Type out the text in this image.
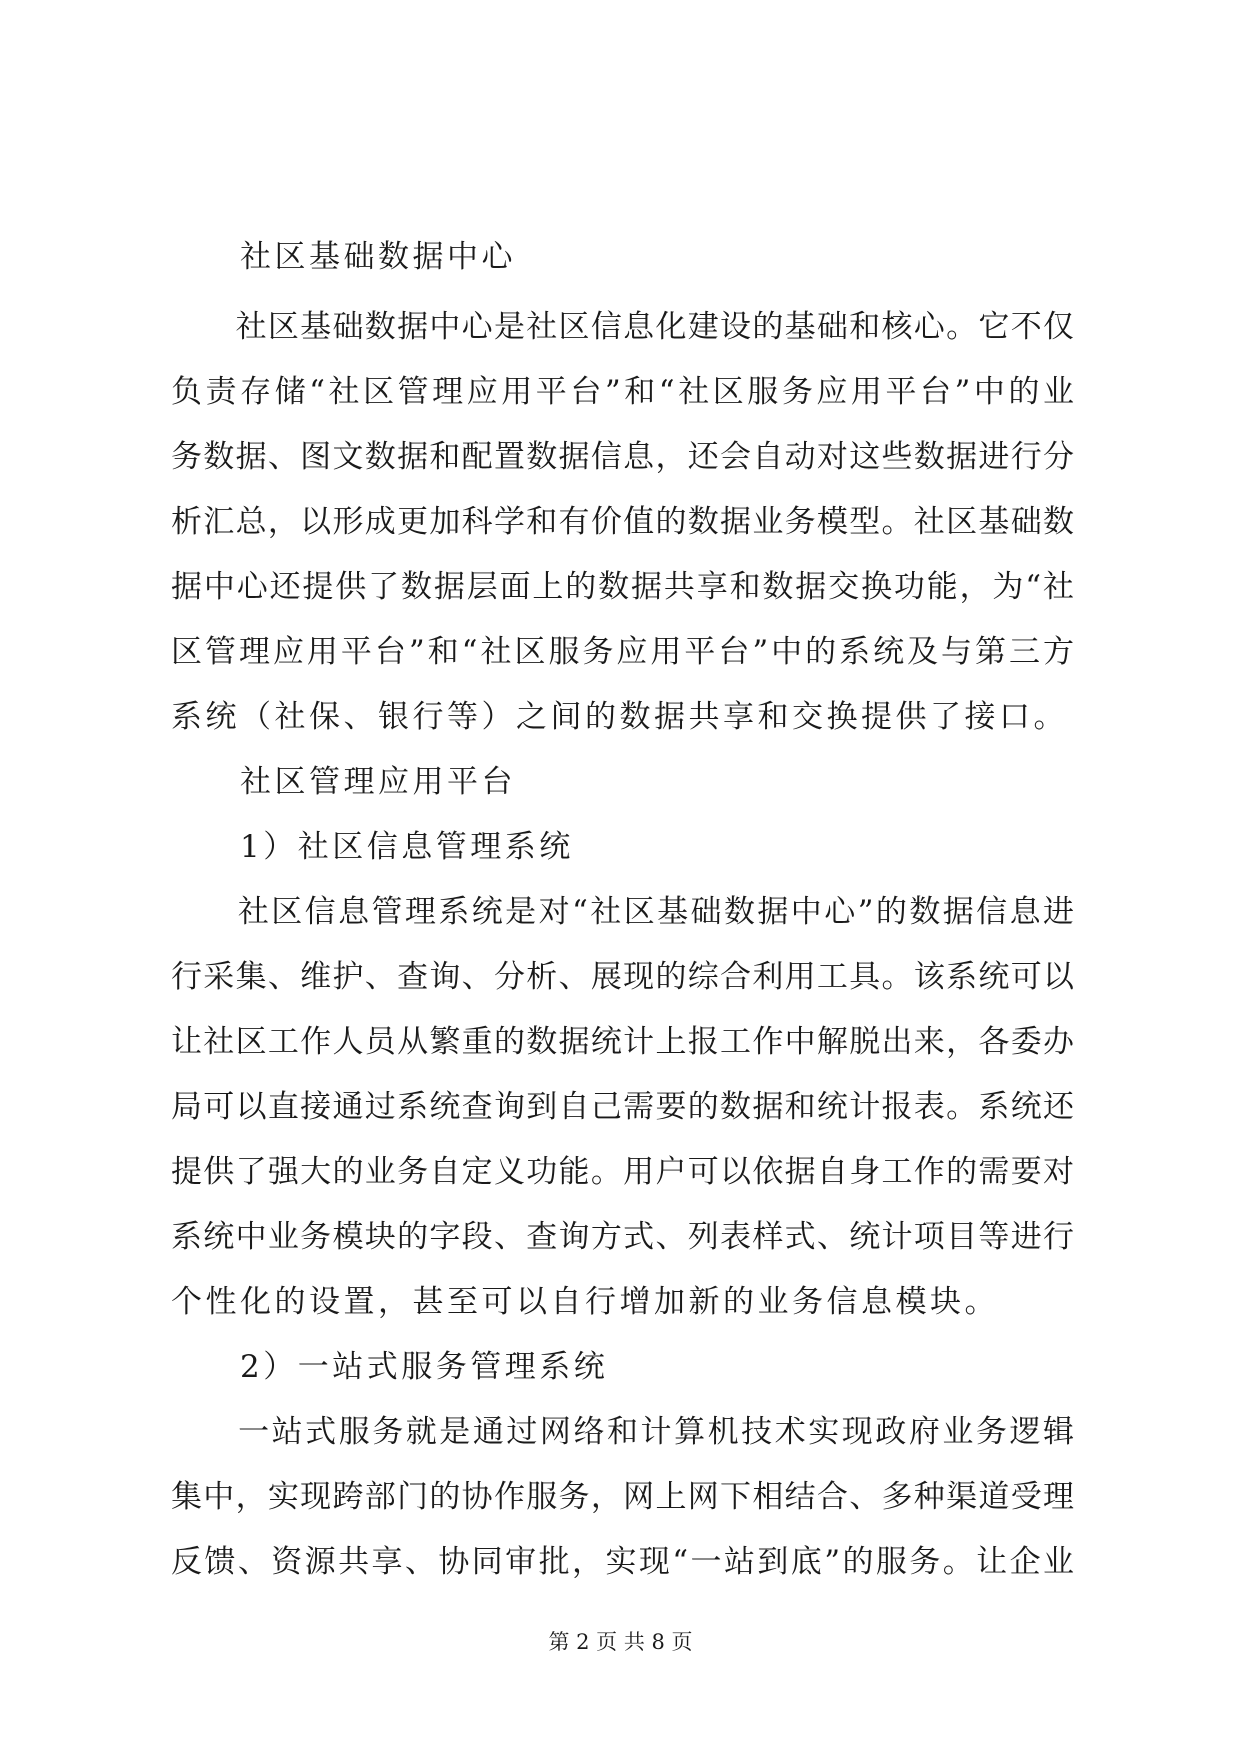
　　社区基础数据中心
　　社区基础数据中心是社区信息化建设的基础和核心。它不仅
负责存储“社区管理应用平台”和“社区服务应用平台”中的业
务数据、图文数据和配置数据信息，还会自动对这些数据进行分
析汇总，以形成更加科学和有价值的数据业务模型。社区基础数
据中心还提供了数据层面上的数据共享和数据交换功能，为“社
区管理应用平台”和“社区服务应用平台”中的系统及与第三方
系统（社保、银行等）之间的数据共享和交换提供了接口。
　　社区管理应用平台
　　1）社区信息管理系统
　　社区信息管理系统是对“社区基础数据中心”的数据信息进
行采集、维护、查询、分析、展现的综合利用工具。该系统可以
让社区工作人员从繁重的数据统计上报工作中解脱出来，各委办
局可以直接通过系统查询到自己需要的数据和统计报表。系统还
提供了强大的业务自定义功能。用户可以依据自身工作的需要对
系统中业务模块的字段、查询方式、列表样式、统计项目等进行
个性化的设置，甚至可以自行增加新的业务信息模块。
　　2）一站式服务管理系统
　　一站式服务就是通过网络和计算机技术实现政府业务逻辑
集中，实现跨部门的协作服务，网上网下相结合、多种渠道受理
反馈、资源共享、协同审批，实现“一站到底”的服务。让企业
第 2 页 共 8 页
